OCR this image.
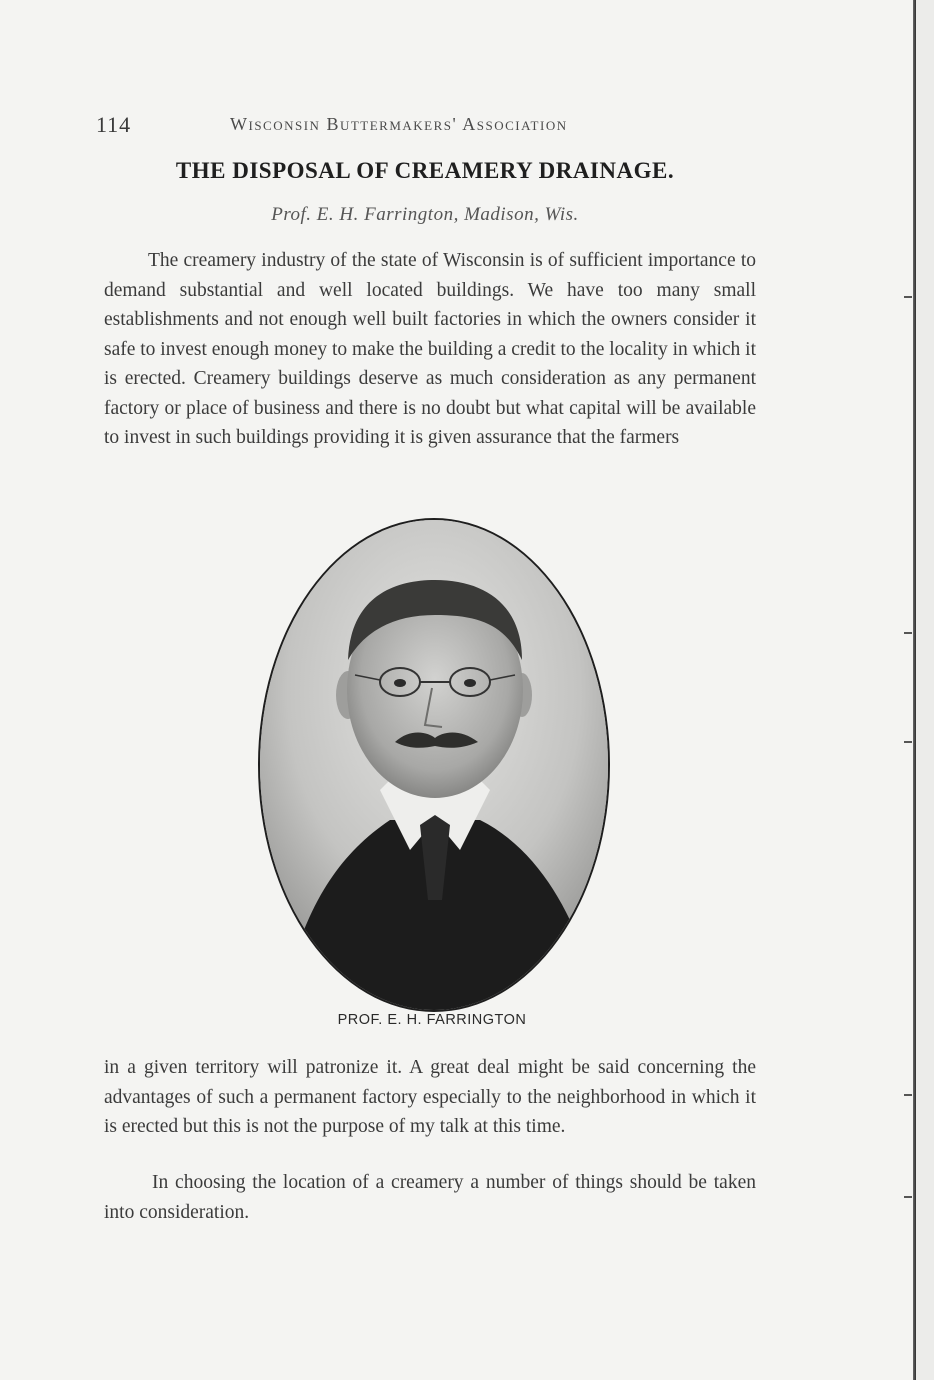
114	Wisconsin Buttermakers' Association
THE DISPOSAL OF CREAMERY DRAINAGE.
Prof. E. H. Farrington, Madison, Wis.

The creamery industry of the state of Wisconsin is of sufficient importance to demand substantial and well located buildings. We have too many small establishments and not enough well built factories in which the owners consider it safe to invest enough money to make the building a credit to the locality in which it is erected. Creamery buildings deserve as much consideration as any permanent factory or place of business and there is no doubt but what capital will be available to invest in such buildings providing it is given assurance that the farmers

PROF. E. H. FARRINGTON

in a given territory will patronize it. A great deal might be said concerning the advantages of such a permanent factory especially to the neighborhood in which it is erected but this is not the purpose of my talk at this time.

In choosing the location of a creamery a number of things should be taken into consideration.
